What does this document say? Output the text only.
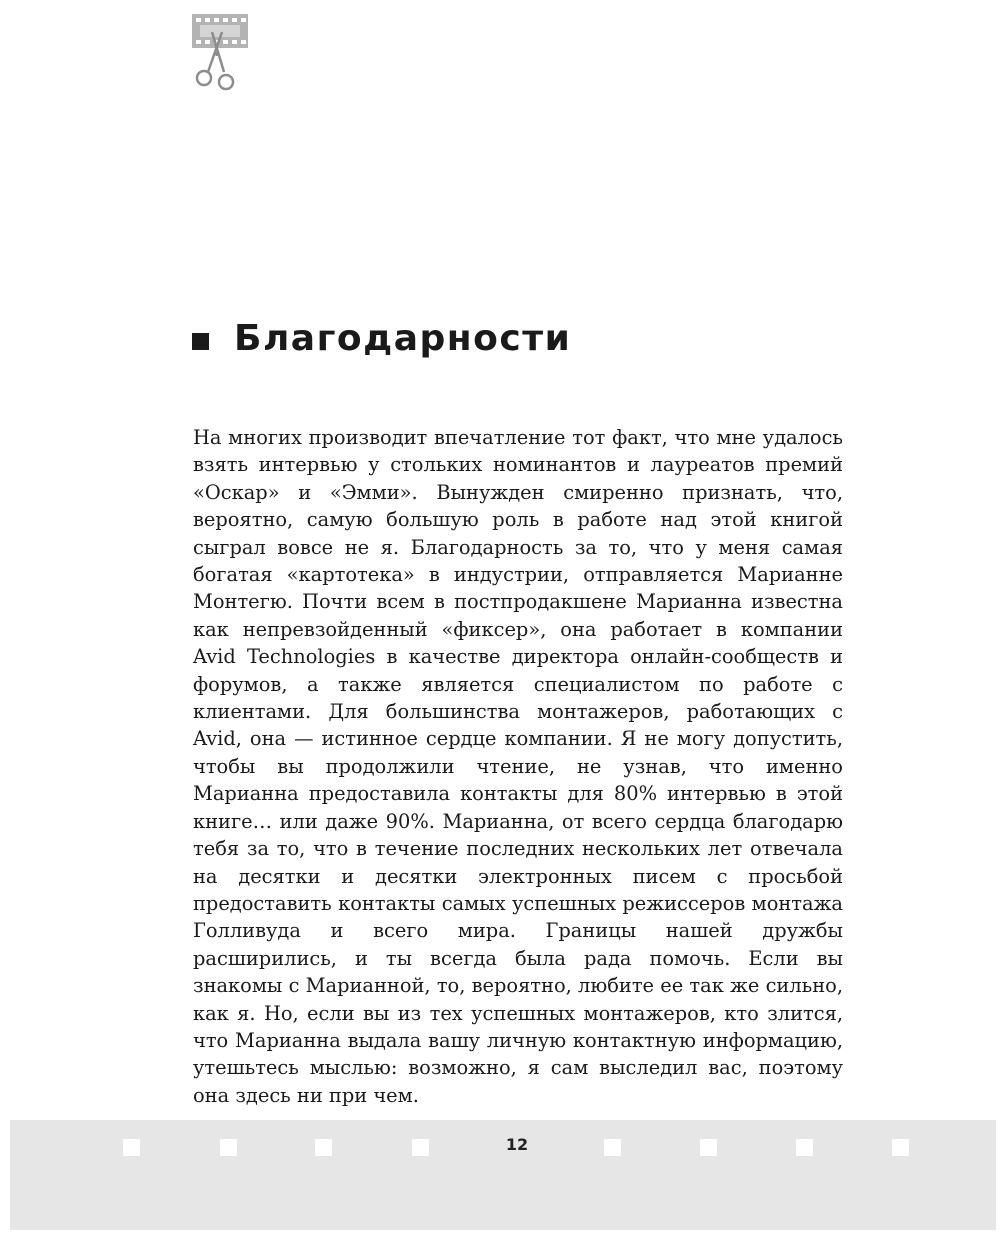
Благодарности

На многих производит впечатление тот факт, что мне удалось взять интервью у стольких номинантов и лауреатов премий «Оскар» и «Эмми». Вынужден смиренно признать, что, вероятно, самую большую роль в работе над этой книгой сыграл вовсе не я. Благодарность за то, что у меня самая богатая «картотека» в индустрии, отправляется Марианне Монтегю. Почти всем в постпродакшене Марианна известна как непревзойденный «фиксер», она работает в компании Avid Technologies в качестве директора онлайн-сообществ и форумов, а также является специалистом по работе с клиентами. Для большинства монтажеров, работающих с Avid, она — истинное сердце компании. Я не могу допустить, чтобы вы продолжили чтение, не узнав, что именно Марианна предоставила контакты для 80% интервью в этой книге… или даже 90%. Марианна, от всего сердца благодарю тебя за то, что в течение последних нескольких лет отвечала на десятки и десятки электронных писем с просьбой предоставить контакты самых успешных режиссеров монтажа Голливуда и всего мира. Границы нашей дружбы расширились, и ты всегда была рада помочь. Если вы знакомы с Марианной, то, вероятно, любите ее так же сильно, как я. Но, если вы из тех успешных монтажеров, кто злится, что Марианна выдала вашу личную контактную информацию, утешьтесь мыслью: возможно, я сам выследил вас, поэтому она здесь ни при чем.

12
